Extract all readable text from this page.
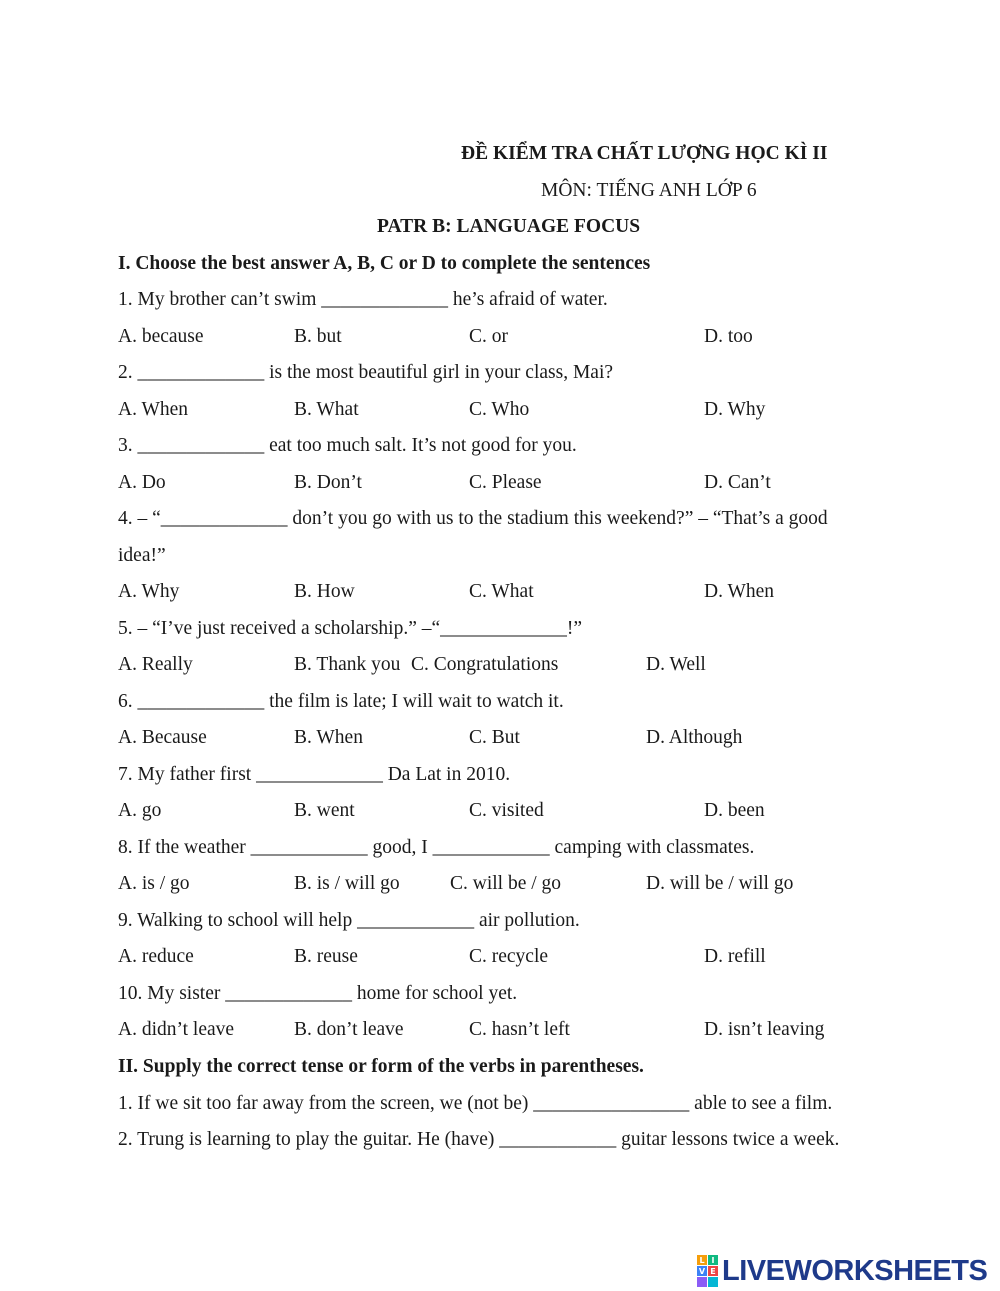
ĐỀ KIỂM TRA CHẤT LƯỢNG HỌC KÌ II
MÔN: TIẾNG ANH LỚP 6
PATR B: LANGUAGE FOCUS
I. Choose the best answer A, B, C or D to complete the sentences
1. My brother can’t swim _____________ he’s afraid of water.
A. because	B. but	C. or	D. too
2. _____________ is the most beautiful girl in your class, Mai?
A. When	B. What	C. Who	D. Why
3. _____________ eat too much salt. It’s not good for you.
A. Do	B. Don’t	C. Please	D. Can’t
4. – “_____________ don’t you go with us to the stadium this weekend?” – “That’s a good
idea!”
A. Why	B. How	C. What	D. When
5. – “I’ve just received a scholarship.” –“_____________!”
A. Really	B. Thank you C. Congratulations	D. Well
6. _____________ the film is late; I will wait to watch it.
A. Because	B. When	C. But	D. Although
7. My father first _____________ Da Lat in 2010.
A. go	B. went	C. visited	D. been
8. If the weather ____________ good, I ____________ camping with classmates.
A. is / go	B. is / will go	C. will be / go	D. will be / will go
9. Walking to school will help ____________ air pollution.
A. reduce	B. reuse	C. recycle	D. refill
10. My sister _____________ home for school yet.
A. didn’t leave	B. don’t leave	C. hasn’t left	D. isn’t leaving
II. Supply the correct tense or form of the verbs in parentheses.
1. If we sit too far away from the screen, we (not be) ________________ able to see a film.
2. Trung is learning to play the guitar. He (have) ____________ guitar lessons twice a week.
L I
V E LIVEWORKSHEETS
